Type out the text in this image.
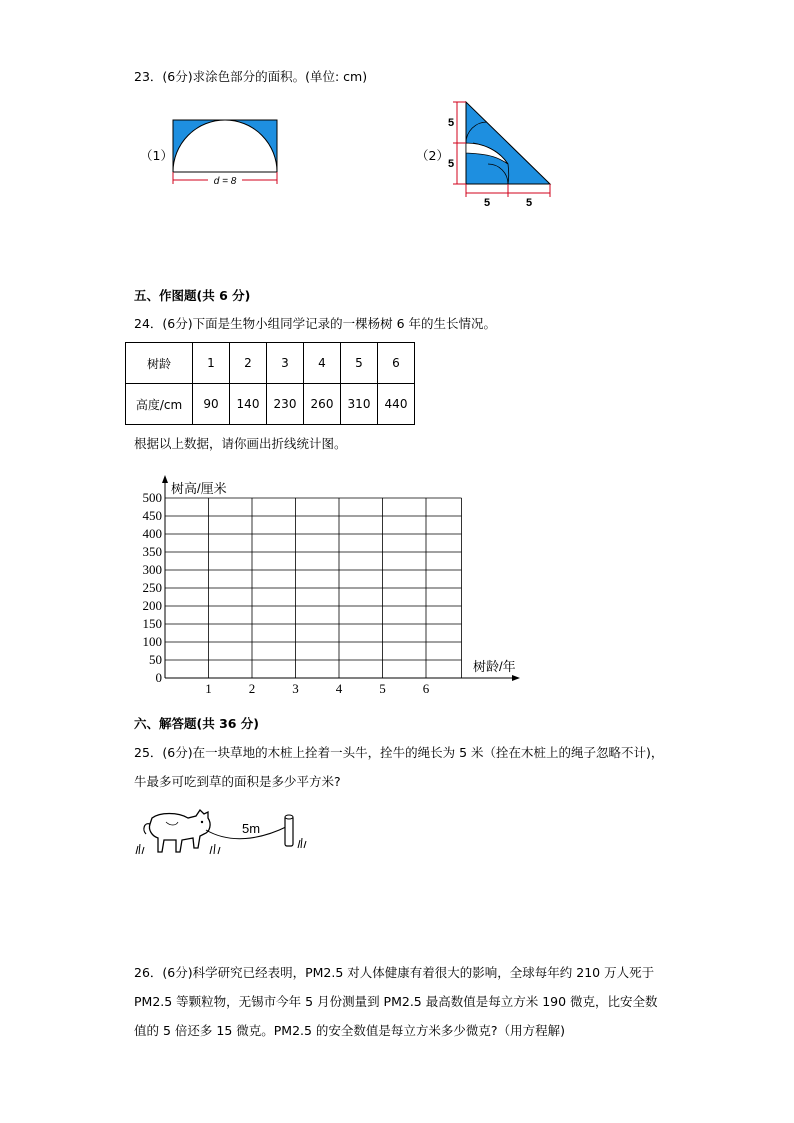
23．(6分)求涂色部分的面积。(单位: cm)
（1）
d = 8
（2）
5
5
5	5
五、作图题(共 6 分)
24．(6分)下面是生物小组同学记录的一棵杨树 6 年的生长情况。
树龄	1	2	3	4	5	6
高度/cm	90	140	230	260	310	440
根据以上数据，请你画出折线统计图。
500
450
400
350
300
250
200
150
100
50
0
1	2	3	4	5	6
树高/厘米
树龄/年
六、解答题(共 36 分)
25．(6分)在一块草地的木桩上拴着一头牛，拴牛的绳长为 5 米（拴在木桩上的绳子忽略不计)，牛最多可吃到草的面积是多少平方米?
5m
26．(6分)科学研究已经表明，PM2.5 对人体健康有着很大的影响，全球每年约 210 万人死于PM2.5 等颗粒物，无锡市今年 5 月份测量到 PM2.5 最高数值是每立方米 190 微克，比安全数值的 5 倍还多 15 微克。PM2.5 的安全数值是每立方米多少微克?（用方程解)
